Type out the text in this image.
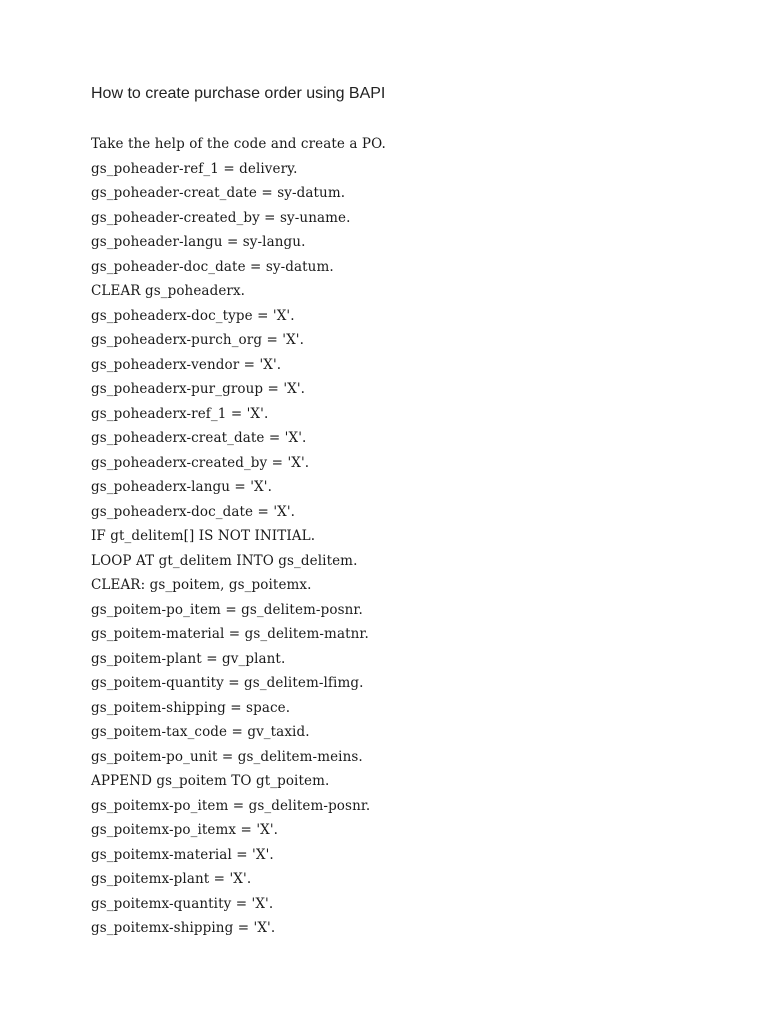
How to create purchase order using BAPI
Take the help of the code and create a PO.
gs_poheader-ref_1 = delivery.
gs_poheader-creat_date = sy-datum.
gs_poheader-created_by = sy-uname.
gs_poheader-langu = sy-langu.
gs_poheader-doc_date = sy-datum.
CLEAR gs_poheaderx.
gs_poheaderx-doc_type = 'X'.
gs_poheaderx-purch_org = 'X'.
gs_poheaderx-vendor = 'X'.
gs_poheaderx-pur_group = 'X'.
gs_poheaderx-ref_1 = 'X'.
gs_poheaderx-creat_date = 'X'.
gs_poheaderx-created_by = 'X'.
gs_poheaderx-langu = 'X'.
gs_poheaderx-doc_date = 'X'.
IF gt_delitem[] IS NOT INITIAL.
LOOP AT gt_delitem INTO gs_delitem.
CLEAR: gs_poitem, gs_poitemx.
gs_poitem-po_item = gs_delitem-posnr.
gs_poitem-material = gs_delitem-matnr.
gs_poitem-plant = gv_plant.
gs_poitem-quantity = gs_delitem-lfimg.
gs_poitem-shipping = space.
gs_poitem-tax_code = gv_taxid.
gs_poitem-po_unit = gs_delitem-meins.
APPEND gs_poitem TO gt_poitem.
gs_poitemx-po_item = gs_delitem-posnr.
gs_poitemx-po_itemx = 'X'.
gs_poitemx-material = 'X'.
gs_poitemx-plant = 'X'.
gs_poitemx-quantity = 'X'.
gs_poitemx-shipping = 'X'.
